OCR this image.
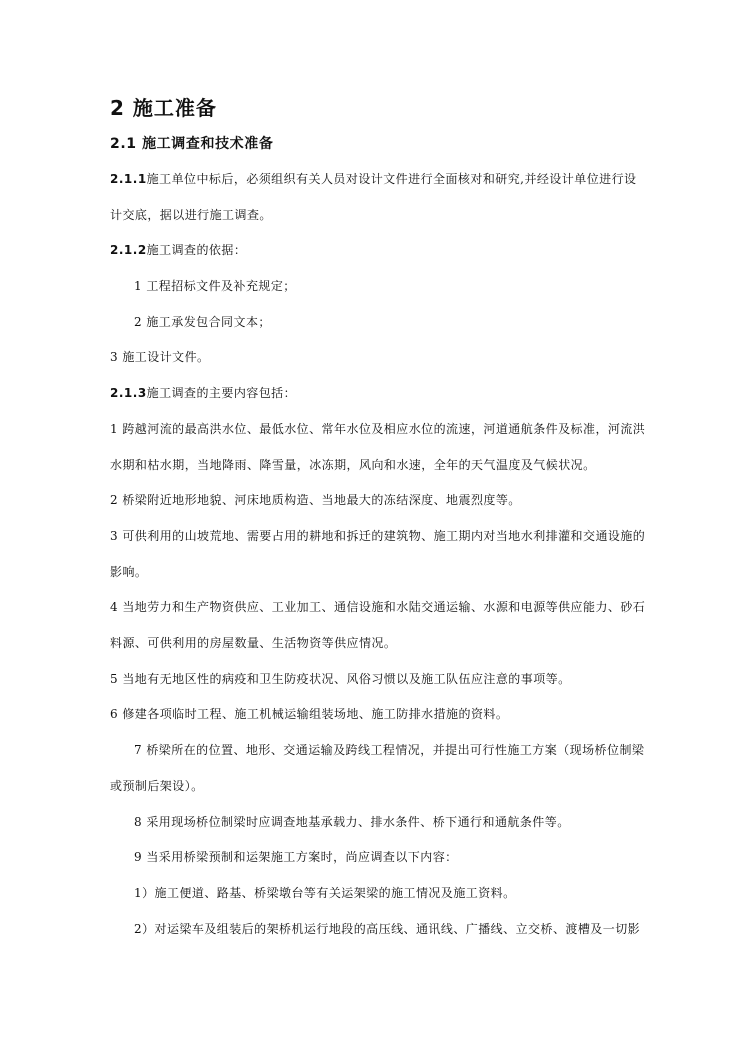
2 施工准备
2.1 施工调查和技术准备
2.1.1施工单位中标后，必须组织有关人员对设计文件进行全面核对和研究,并经设计单位进行设
计交底，据以进行施工调查。
2.1.2施工调查的依据：
1 工程招标文件及补充规定；
2 施工承发包合同文本；
3 施工设计文件。
2.1.3施工调查的主要内容包括：
1 跨越河流的最高洪水位、最低水位、常年水位及相应水位的流速，河道通航条件及标准，河流洪
水期和枯水期，当地降雨、降雪量，冰冻期，风向和水速，全年的天气温度及气候状况。
2 桥梁附近地形地貌、河床地质构造、当地最大的冻结深度、地震烈度等。
3 可供利用的山坡荒地、需要占用的耕地和拆迁的建筑物、施工期内对当地水利排灌和交通设施的
影响。
4 当地劳力和生产物资供应、工业加工、通信设施和水陆交通运输、水源和电源等供应能力、砂石
料源、可供利用的房屋数量、生活物资等供应情况。
5 当地有无地区性的病疫和卫生防疫状况、风俗习惯以及施工队伍应注意的事项等。
6 修建各项临时工程、施工机械运输组装场地、施工防排水措施的资料。
7 桥梁所在的位置、地形、交通运输及跨线工程情况，并提出可行性施工方案（现场桥位制梁
或预制后架设）。
8 采用现场桥位制梁时应调查地基承载力、排水条件、桥下通行和通航条件等。
9 当采用桥梁预制和运架施工方案时，尚应调查以下内容：
1）施工便道、路基、桥梁墩台等有关运架梁的施工情况及施工资料。
2）对运梁车及组装后的架桥机运行地段的高压线、通讯线、广播线、立交桥、渡槽及一切影
